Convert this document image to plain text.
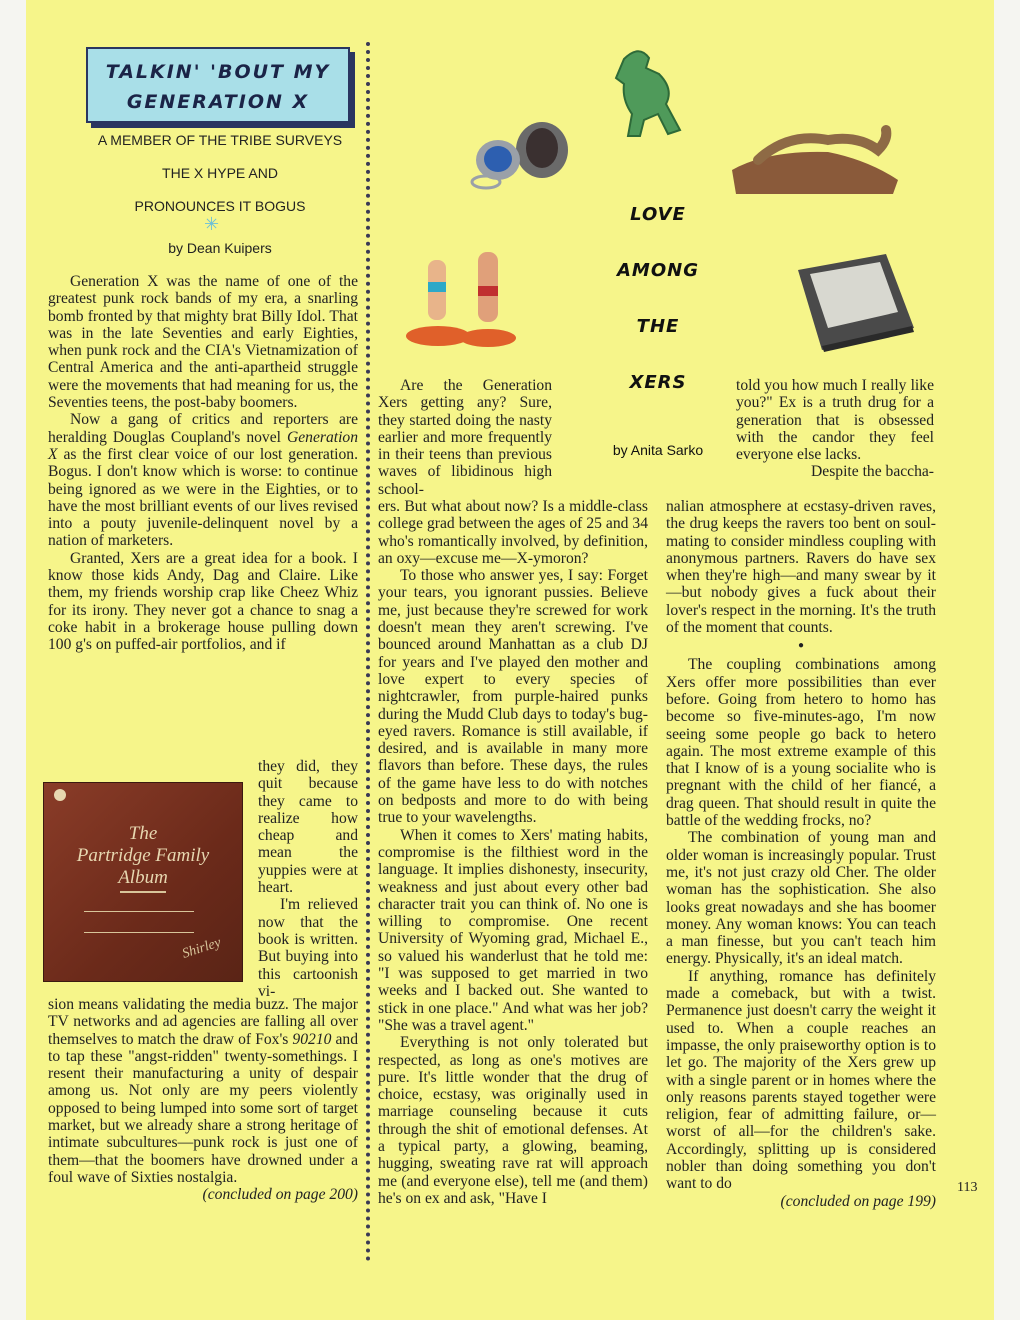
TALKIN' 'BOUT MY
GENERATION X
A MEMBER OF THE TRIBE SURVEYS
THE X HYPE AND
PRONOUNCES IT BOGUS
✳
by Dean Kuipers

Generation X was the name of one of the greatest punk rock bands of my era, a snarling bomb fronted by that mighty brat Billy Idol. That was in the late Seventies and early Eighties, when punk rock and the CIA's Vietnamization of Central America and the anti-apartheid struggle were the movements that had meaning for us, the Seventies teens, the post-baby boomers.

Now a gang of critics and reporters are heralding Douglas Coupland's novel Generation X as the first clear voice of our lost generation. Bogus. I don't know which is worse: to continue being ignored as we were in the Eighties, or to have the most brilliant events of our lives revised into a pouty juvenile-delinquent novel by a nation of marketers.

Granted, Xers are a great idea for a book. I know those kids Andy, Dag and Claire. Like them, my friends worship crap like Cheez Whiz for its irony. They never got a chance to snag a coke habit in a brokerage house pulling down 100 g's on puffed-air portfolios, and if

they did, they quit because they came to realize how cheap and mean the yuppies were at heart.

I'm relieved now that the book is written. But buying into this cartoonish vi-

sion means validating the media buzz. The major TV networks and ad agencies are falling all over themselves to match the draw of Fox's 90210 and to tap these "angst-ridden" twenty-somethings. I resent their manufacturing a unity of despair among us. Not only are my peers violently opposed to being lumped into some sort of target market, but we already share a strong heritage of intimate subcultures—punk rock is just one of them—that the boomers have drowned under a foul wave of Sixties nostalgia.

(concluded on page 200)
The
Partridge Family
Album
Shirley
LOVE
AMONG
THE
XERS
by Anita Sarko

Are the Generation Xers getting any? Sure, they started doing the nasty earlier and more frequently in their teens than previous waves of libidinous high school-

ers. But what about now? Is a middle-class college grad between the ages of 25 and 34 who's romantically involved, by definition, an oxy—excuse me—X-ymoron?

To those who answer yes, I say: Forget your tears, you ignorant pussies. Believe me, just because they're screwed for work doesn't mean they aren't screwing. I've bounced around Manhattan as a club DJ for years and I've played den mother and love expert to every species of nightcrawler, from purple-haired punks during the Mudd Club days to today's bug-eyed ravers. Romance is still available, if desired, and is available in many more flavors than before. These days, the rules of the game have less to do with notches on bedposts and more to do with being true to your wavelengths.

When it comes to Xers' mating habits, compromise is the filthiest word in the language. It implies dishonesty, insecurity, weakness and just about every other bad character trait you can think of. No one is willing to compromise. One recent University of Wyoming grad, Michael E., so valued his wanderlust that he told me: "I was supposed to get married in two weeks and I backed out. She wanted to stick in one place." And what was her job? "She was a travel agent."

Everything is not only tolerated but respected, as long as one's motives are pure. It's little wonder that the drug of choice, ecstasy, was originally used in marriage counseling because it cuts through the shit of emotional defenses. At a typical party, a glowing, beaming, hugging, sweating rave rat will approach me (and everyone else), tell me (and them) he's on ex and ask, "Have I

told you how much I really like you?" Ex is a truth drug for a generation that is obsessed with the candor they feel everyone else lacks.

Despite the baccha-

nalian atmosphere at ecstasy-driven raves, the drug keeps the ravers too bent on soul-mating to consider mindless coupling with anonymous partners. Ravers do have sex when they're high—and many swear by it—but nobody gives a fuck about their lover's respect in the morning. It's the truth of the moment that counts.

●

The coupling combinations among Xers offer more possibilities than ever before. Going from hetero to homo has become so five-minutes-ago, I'm now seeing some people go back to hetero again. The most extreme example of this that I know of is a young socialite who is pregnant with the child of her fiancé, a drag queen. That should result in quite the battle of the wedding frocks, no?

The combination of young man and older woman is increasingly popular. Trust me, it's not just crazy old Cher. The older woman has the sophistication. She also looks great nowadays and she has boomer money. Any woman knows: You can teach a man finesse, but you can't teach him energy. Physically, it's an ideal match.

If anything, romance has definitely made a comeback, but with a twist. Permanence just doesn't carry the weight it used to. When a couple reaches an impasse, the only praiseworthy option is to let go. The majority of the Xers grew up with a single parent or in homes where the only reasons parents stayed together were religion, fear of admitting failure, or—worst of all—for the children's sake. Accordingly, splitting up is considered nobler than doing something you don't want to do

(concluded on page 199)
113
